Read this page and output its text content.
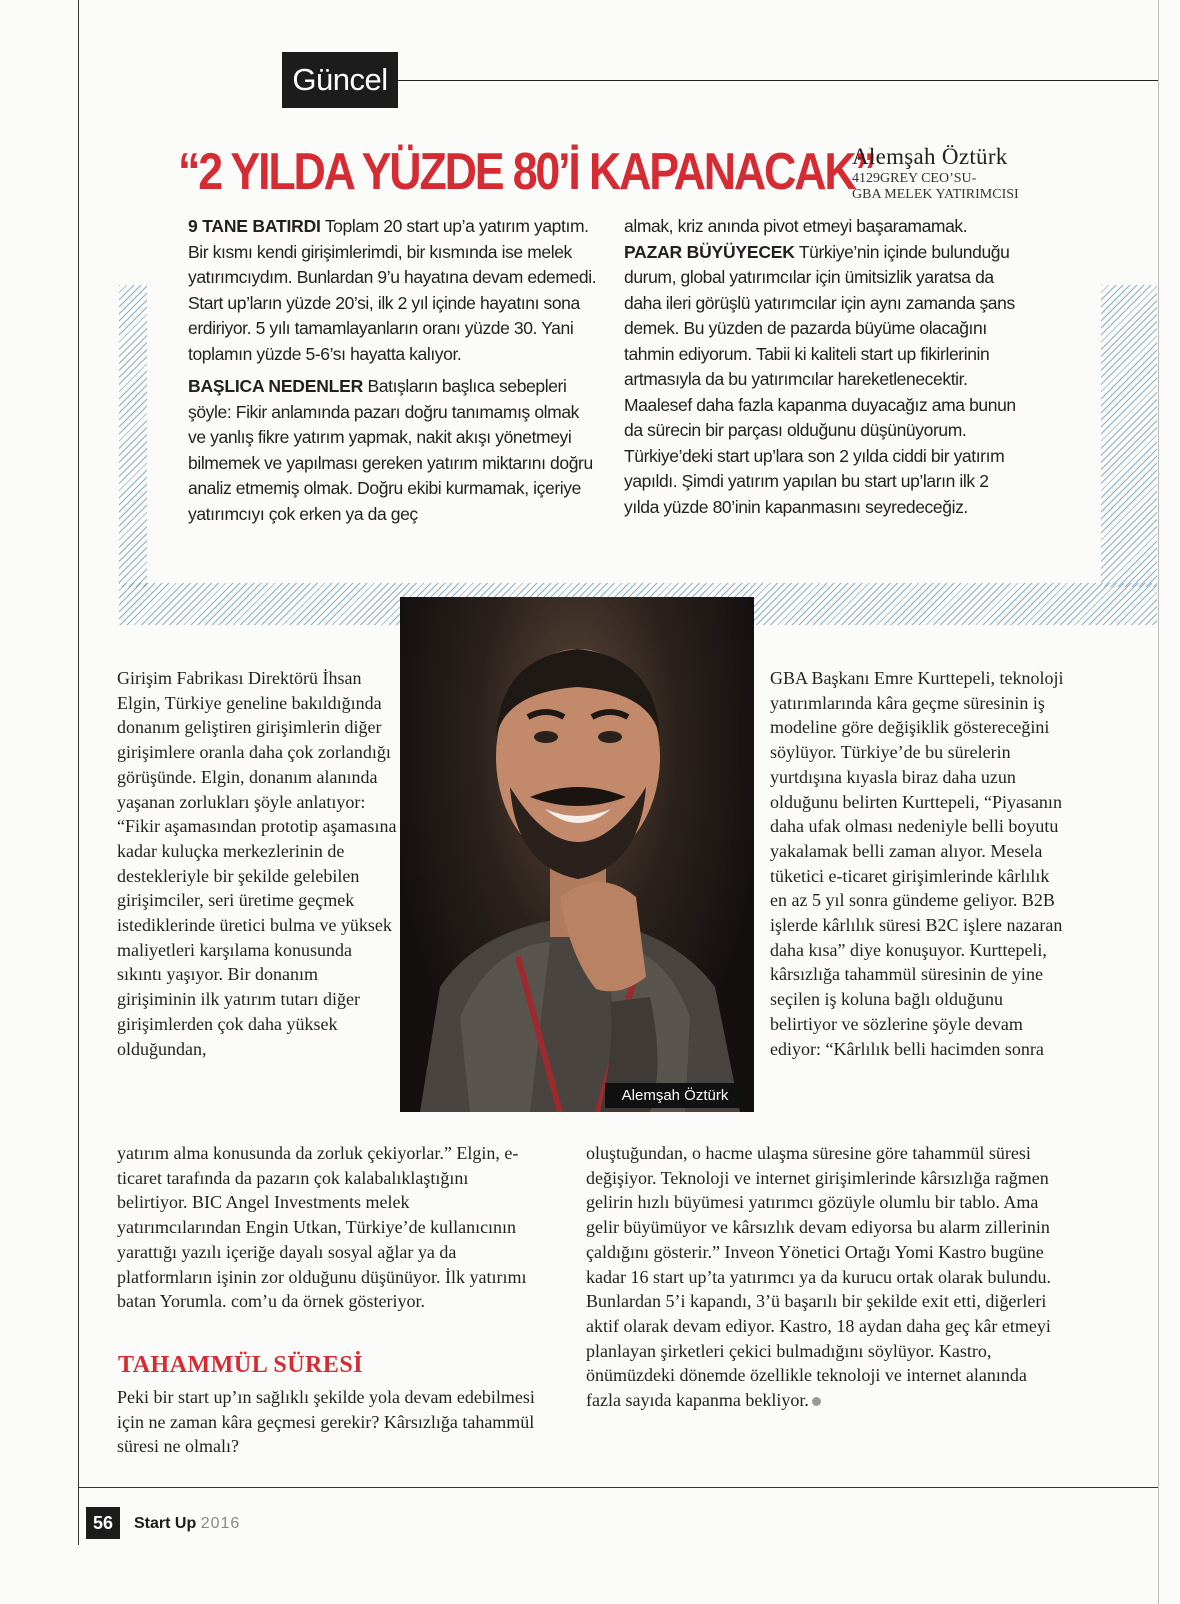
Güncel
“2 YILDA YÜZDE 80’İ KAPANACAK”
Alemşah Öztürk
4129GREY CEO’SU-
GBA MELEK YATIRIMCISI

9 TANE BATIRDI Toplam 20 start up’a yatırım yaptım. Bir kısmı kendi girişimlerimdi, bir kısmında ise melek yatırımcıydım. Bunlardan 9’u hayatına devam edemedi. Start up’ların yüzde 20’si, ilk 2 yıl içinde hayatını sona erdiriyor. 5 yılı tamamlayanların oranı yüzde 30. Yani toplamın yüzde 5-6’sı hayatta kalıyor.

BAŞLICA NEDENLER Batışların başlıca sebepleri şöyle: Fikir anlamında pazarı doğru tanımamış olmak ve yanlış fikre yatırım yapmak, nakit akışı yönetmeyi bilmemek ve yapılması gereken yatırım miktarını doğru analiz etmemiş olmak. Doğru ekibi kurmamak, içeriye yatırımcıyı çok erken ya da geç

almak, kriz anında pivot etmeyi başaramamak.

PAZAR BÜYÜYECEK Türkiye’nin içinde bulunduğu durum, global yatırımcılar için ümitsizlik yaratsa da daha ileri görüşlü yatırımcılar için aynı zamanda şans demek. Bu yüzden de pazarda büyüme olacağını tahmin ediyorum. Tabii ki kaliteli start up fikirlerinin artmasıyla da bu yatırımcılar hareketlenecektir. Maalesef daha fazla kapanma duyacağız ama bunun da sürecin bir parçası olduğunu düşünüyorum. Türkiye’deki start up’lara son 2 yılda ciddi bir yatırım yapıldı. Şimdi yatırım yapılan bu start up’ların ilk 2 yılda yüzde 80’inin kapanmasını seyredeceğiz.

Alemşah Öztürk

Girişim Fabrikası Direktörü İhsan Elgin, Türkiye geneline bakıldığında donanım geliştiren girişimlerin diğer girişimlere oranla daha çok zorlandığı görüşünde. Elgin, donanım alanında yaşanan zorlukları şöyle anlatıyor: “Fikir aşamasından prototip aşamasına kadar kuluçka merkezlerinin de destekleriyle bir şekilde gelebilen girişimciler, seri üretime geçmek istediklerinde üretici bulma ve yüksek maliyetleri karşılama konusunda sıkıntı yaşıyor. Bir donanım girişiminin ilk yatırım tutarı diğer girişimlerden çok daha yüksek olduğundan,

yatırım alma konusunda da zorluk çekiyorlar.” Elgin, e-ticaret tarafında da pazarın çok kalabalıklaştığını belirtiyor. BIC Angel Investments melek yatırımcılarından Engin Utkan, Türkiye’de kullanıcının yarattığı yazılı içeriğe dayalı sosyal ağlar ya da platformların işinin zor olduğunu düşünüyor. İlk yatırımı batan Yorumla. com’u da örnek gösteriyor.

TAHAMMÜL SÜRESİ

Peki bir start up’ın sağlıklı şekilde yola devam edebilmesi için ne zaman kâra geçmesi gerekir? Kârsızlığa tahammül süresi ne olmalı?

GBA Başkanı Emre Kurttepeli, teknoloji yatırımlarında kâra geçme süresinin iş modeline göre değişiklik göstereceğini söylüyor. Türkiye’de bu sürelerin yurtdışına kıyasla biraz daha uzun olduğunu belirten Kurttepeli, “Piyasanın daha ufak olması nedeniyle belli boyutu yakalamak belli zaman alıyor. Mesela tüketici e-ticaret girişimlerinde kârlılık en az 5 yıl sonra gündeme geliyor. B2B işlerde kârlılık süresi B2C işlere nazaran daha kısa” diye konuşuyor. Kurttepeli, kârsızlığa tahammül süresinin de yine seçilen iş koluna bağlı olduğunu belirtiyor ve sözlerine şöyle devam ediyor: “Kârlılık belli hacimden sonra

oluştuğundan, o hacme ulaşma süresine göre tahammül süresi değişiyor. Teknoloji ve internet girişimlerinde kârsızlığa rağmen gelirin hızlı büyümesi yatırımcı gözüyle olumlu bir tablo. Ama gelir büyümüyor ve kârsızlık devam ediyorsa bu alarm zillerinin çaldığını gösterir.” Inveon Yönetici Ortağı Yomi Kastro bugüne kadar 16 start up’ta yatırımcı ya da kurucu ortak olarak bulundu. Bunlardan 5’i kapandı, 3’ü başarılı bir şekilde exit etti, diğerleri aktif olarak devam ediyor. Kastro, 18 aydan daha geç kâr etmeyi planlayan şirketleri çekici bulmadığını söylüyor. Kastro, önümüzdeki dönemde özellikle teknoloji ve internet alanında fazla sayıda kapanma bekliyor.

56	Start Up 2016
